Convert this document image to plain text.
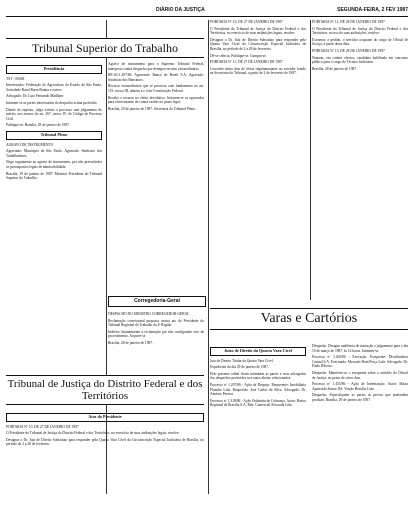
DIÁRIO DA JUSTIÇA	SEGUNDA-FEIRA, 2 FEV 1987
Tribunal Superior do Trabalho
Presidência

TST - 00048

Interessados: Federação de Agricultura do Estado da São Paulo, Sociedade Rural Barra Bonita e outros.

Advogado: Dr. Luiz Fernando Mailhaer.

Intimem-se as partes interessadas do despacho acima proferido.

Diante do exposto, julgo extinto o processo sem julgamento do mérito, nos termos do art. 267, inciso IV, do Código de Processo Civil.

Publique-se. Brasília, 28 de janeiro de 1987.

Tribunal Pleno

AGRAVO DE INSTRUMENTO

Agravante: Município de São Paulo. Agravado: Sindicato dos Trabalhadores.

Nego seguimento ao agravo de instrumento, por não preenchidos os pressupostos legais de admissibilidade.

Brasília, 19 de janeiro de 1987. Ministro Presidente do Tribunal Superior do Trabalho.

Agravo de instrumento para o Supremo Tribunal Federal, interposto contra despacho que denegou recurso extraordinário.

RE-AI-1.297/86. Agravante: Banco do Brasil S.A. Agravado: Sindicato dos Bancários.

Recurso extraordinário que se processa com fundamento no art. 119, inciso III, alíneas a e d da Constituição Federal.

Recebo o recurso no efeito devolutivo. Intimem-se os agravados para oferecimento de contra-razões no prazo legal.

Brasília, 29 de janeiro de 1987. Secretaria do Tribunal Pleno.

Corregedoria-Geral

DESPACHO DO MINISTRO CORREGEDOR-GERAL

Reclamação correicional proposta contra ato do Presidente do Tribunal Regional do Trabalho da 2ª Região.

Indefiro liminarmente a reclamação por não configurado erro de procedimento. Arquive-se.

Brasília, 28 de janeiro de 1987.

Tribunal de Justiça do Distrito Federal e dos Territórios
Atos do Presidente

PORTARIA Nº 10, DE 27 DE JANEIRO DE 1987

O Presidente do Tribunal de Justiça do Distrito Federal e dos Territórios, no exercício de suas atribuições legais, resolve:

Designar o Dr. Juiz de Direito Substituto para responder pela Quarta Vara Cível da Circunscrição Especial Judiciária de Brasília, no período de 2 a 28 de fevereiro.

PORTARIA Nº 10, DE 27 DE JANEIRO DE 1987

O Presidente do Tribunal de Justiça do Distrito Federal e dos Territórios, no exercício de suas atribuições legais, resolve:

Designar o Dr. Juiz de Direito Substituto para responder pela Quarta Vara Cível da Circunscrição Especial Judiciária de Brasília, no período de 2 a 28 de fevereiro.

Dê-se ciência. Publique-se. Cumpra-se.

PORTARIA Nº 11, DE 27 DE JANEIRO DE 1987

Conceder trinta dias de férias regulamentares ao servidor lotado na Secretaria do Tribunal, a partir de 2 de fevereiro de 1987.

PORTARIA Nº 12, DE 28 DE JANEIRO DE 1987

O Presidente do Tribunal de Justiça do Distrito Federal e dos Territórios, no uso de suas atribuições, resolve:

Exonerar, a pedido, o servidor ocupante do cargo de Oficial de Justiça, a partir desta data.

PORTARIA Nº 13, DE 28 DE JANEIRO DE 1987

Nomear, em caráter efetivo, candidata habilitada em concurso público para o cargo de Técnico Judiciário.

Brasília, 28 de janeiro de 1987.

Varas e Cartórios
Juízo de Direito da Quarta Vara Cível

Juiz de Direito Titular da Quarta Vara Cível.

Expediente do dia 29 de janeiro de 1987.

Pelo presente edital ficam intimadas as partes e seus advogados dos despachos proferidos nos autos abaixo relacionados.

Processo nº 1.207/86 - Ação de Despejo. Requerente: Imobiliária Planalto Ltda. Requerido: José Carlos da Silva. Advogado: Dr. Antônio Pereira.

Processo nº 1.318/86 - Ação Ordinária de Cobrança. Autor: Banco Regional de Brasília S.A. Réu: Comercial Alvorada Ltda.

Despacho: Designo audiência de instrução e julgamento para o dia 10 de março de 1987, às 14 horas. Intimem-se.

Processo nº 1.402/86 - Execução. Exequente: Distribuidora Central S.A. Executado: Mercado Bom Preço Ltda. Advogado: Dr. Paulo Ribeiro.

Despacho: Manifeste-se o exequente sobre a certidão do Oficial de Justiça, no prazo de cinco dias.

Processo nº 1.455/86 - Ação de Indenização. Autor: Maria Aparecida Souza. Ré: Viação Brasília Ltda.

Despacho: Especifiquem as partes as provas que pretendem produzir. Brasília, 29 de janeiro de 1987.
